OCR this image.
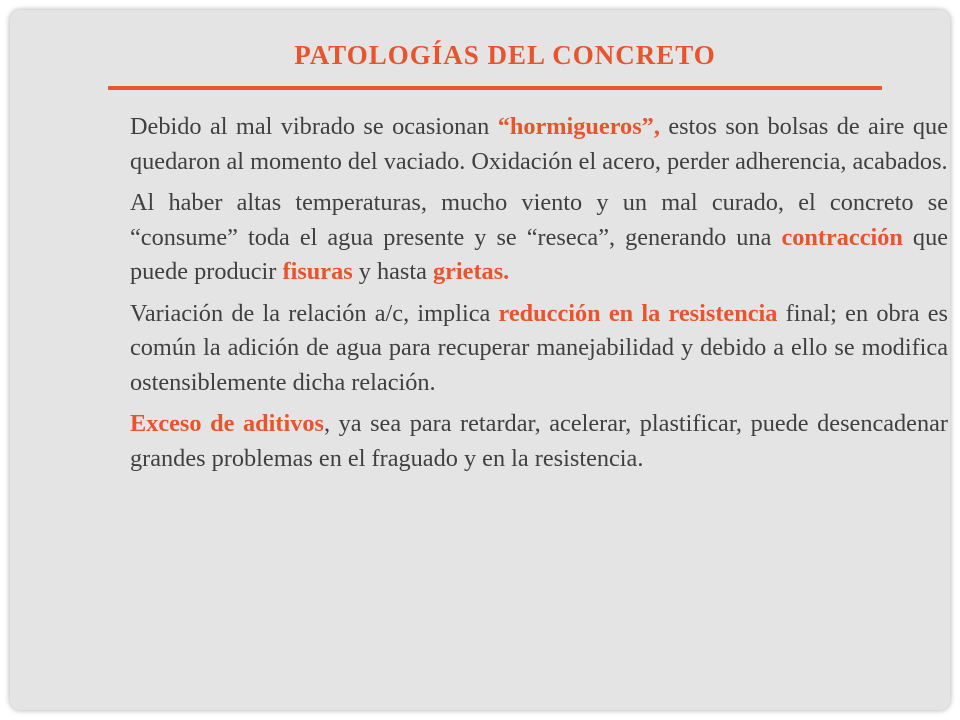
PATOLOGÍAS DEL CONCRETO

Debido al mal vibrado se ocasionan “hormigueros”, estos son bolsas de aire que quedaron al momento del vaciado. Oxidación el acero, perder adherencia, acabados.

Al haber altas temperaturas, mucho viento y un mal curado, el concreto se “consume” toda el agua presente y se “reseca”, generando una contracción que puede producir fisuras y hasta grietas.

Variación de la relación a/c, implica reducción en la resistencia final; en obra es común la adición de agua para recuperar manejabilidad y debido a ello se modifica ostensiblemente dicha relación.

Exceso de aditivos, ya sea para retardar, acelerar, plastificar, puede desencadenar grandes problemas en el fraguado y en la resistencia.
